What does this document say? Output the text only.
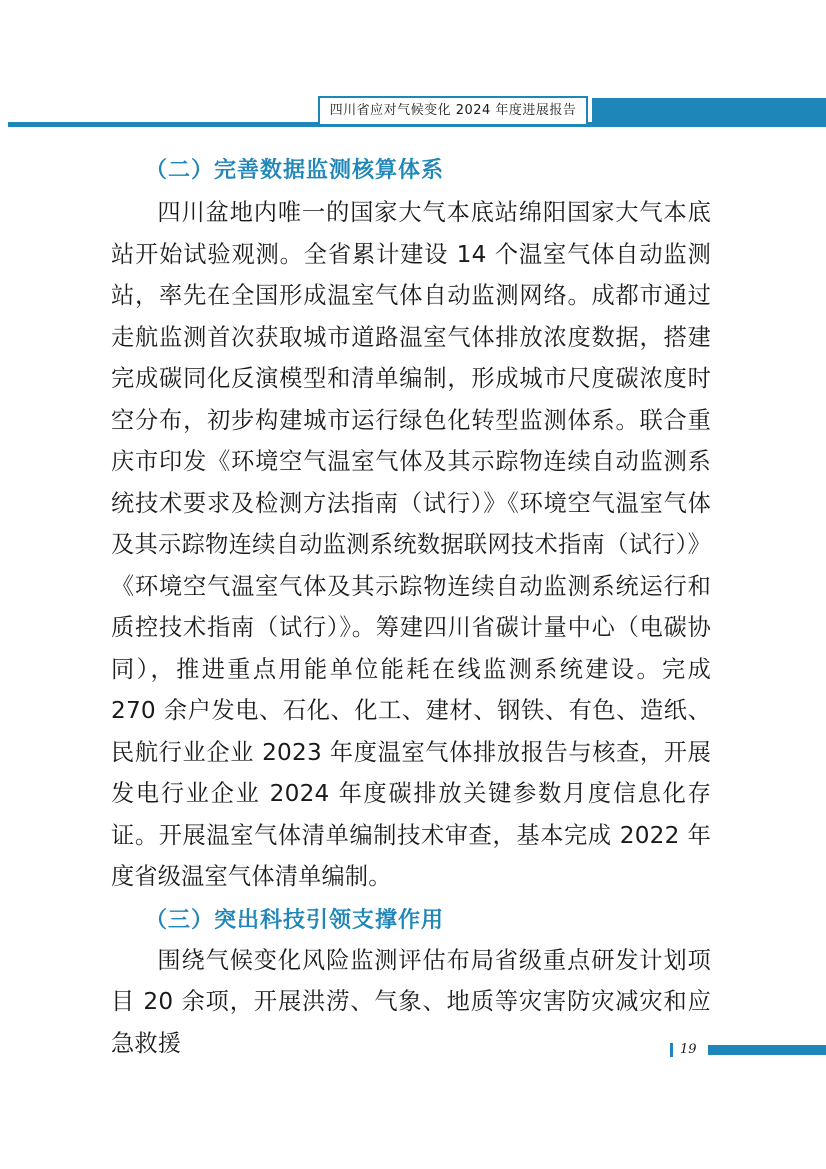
四川省应对气候变化 2024 年度进展报告
（二）完善数据监测核算体系

四川盆地内唯一的国家大气本底站绵阳国家大气本底站开始试验观测。全省累计建设 14 个温室气体自动监测站，率先在全国形成温室气体自动监测网络。成都市通过走航监测首次获取城市道路温室气体排放浓度数据，搭建完成碳同化反演模型和清单编制，形成城市尺度碳浓度时空分布，初步构建城市运行绿色化转型监测体系。联合重庆市印发《环境空气温室气体及其示踪物连续自动监测系统技术要求及检测方法指南（试行）》《环境空气温室气体及其示踪物连续自动监测系统数据联网技术指南（试行）》《环境空气温室气体及其示踪物连续自动监测系统运行和质控技术指南（试行）》。筹建四川省碳计量中心（电碳协同），推进重点用能单位能耗在线监测系统建设。完成 270 余户发电、石化、化工、建材、钢铁、有色、造纸、民航行业企业 2023 年度温室气体排放报告与核查，开展发电行业企业 2024 年度碳排放关键参数月度信息化存证。开展温室气体清单编制技术审查，基本完成 2022 年度省级温室气体清单编制。

（三）突出科技引领支撑作用

围绕气候变化风险监测评估布局省级重点研发计划项目 20 余项，开展洪涝、气象、地质等灾害防灾减灾和应急救援	19
